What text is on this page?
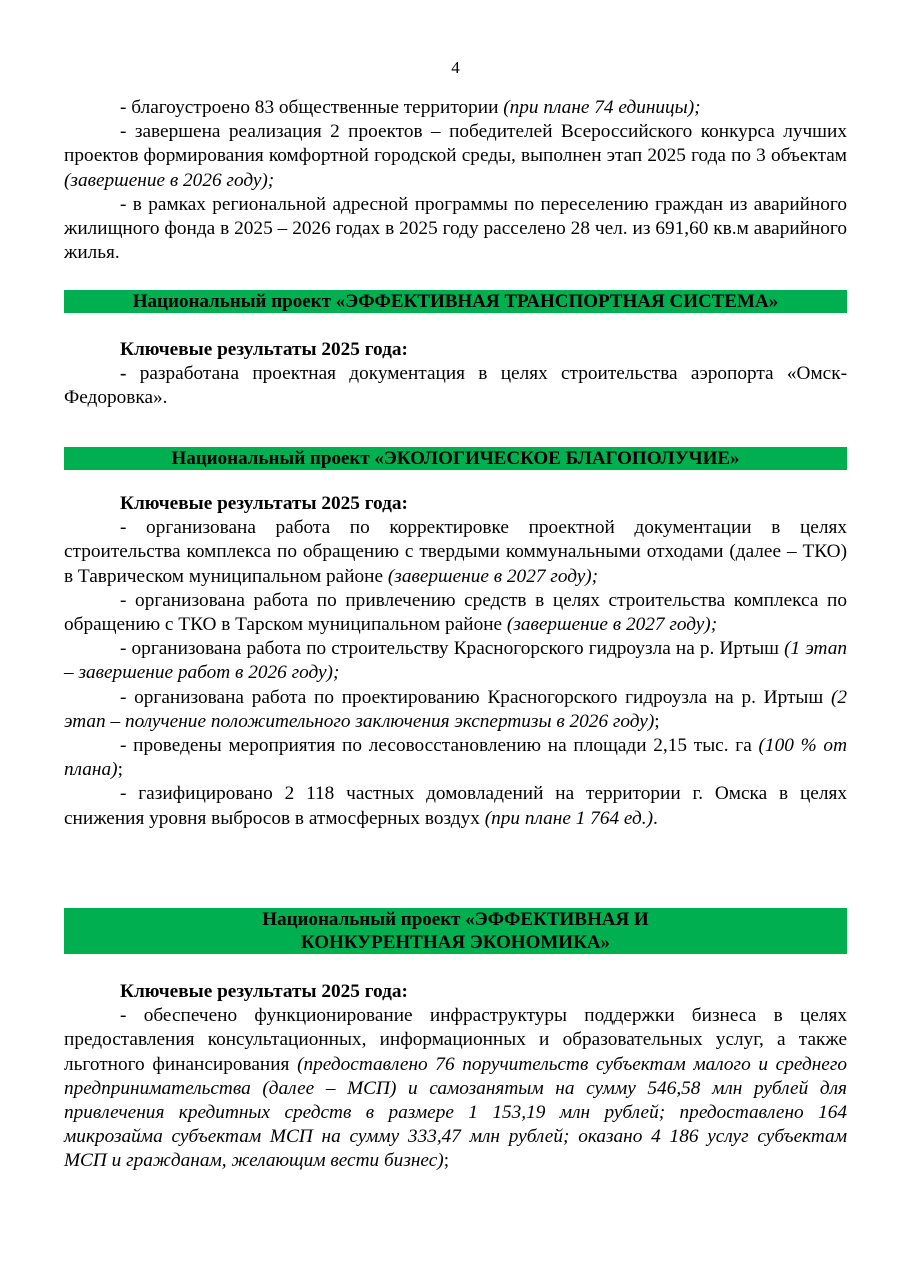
4

- благоустроено 83 общественные территории (при плане 74 единицы);

- завершена реализация 2 проектов – победителей Всероссийского конкурса лучших проектов формирования комфортной городской среды, выполнен этап 2025 года по 3 объектам (завершение в 2026 году);

- в рамках региональной адресной программы по переселению граждан из аварийного жилищного фонда в 2025 – 2026 годах в 2025 году расселено 28 чел. из 691,60 кв.м аварийного жилья.

Национальный проект «ЭФФЕКТИВНАЯ ТРАНСПОРТНАЯ СИСТЕМА»
Ключевые результаты 2025 года:

- разработана проектная документация в целях строительства аэропорта «Омск-Федоровка».

Национальный проект «ЭКОЛОГИЧЕСКОЕ БЛАГОПОЛУЧИЕ»
Ключевые результаты 2025 года:

- организована работа по корректировке проектной документации в целях строительства комплекса по обращению с твердыми коммунальными отходами (далее – ТКО) в Таврическом муниципальном районе (завершение в 2027 году);

- организована работа по привлечению средств в целях строительства комплекса по обращению с ТКО в Тарском муниципальном районе (завершение в 2027 году);

- организована работа по строительству Красногорского гидроузла на р. Иртыш (1 этап – завершение работ в 2026 году);

- организована работа по проектированию Красногорского гидроузла на р. Иртыш (2 этап – получение положительного заключения экспертизы в 2026 году);

- проведены мероприятия по лесовосстановлению на площади 2,15 тыс. га (100 % от плана);

- газифицировано 2 118 частных домовладений на территории г. Омска в целях снижения уровня выбросов в атмосферных воздух (при плане 1 764 ед.).

Национальный проект «ЭФФЕКТИВНАЯ И КОНКУРЕНТНАЯ ЭКОНОМИКА»
Ключевые результаты 2025 года:

- обеспечено функционирование инфраструктуры поддержки бизнеса в целях предоставления консультационных, информационных и образовательных услуг, а также льготного финансирования (предоставлено 76 поручительств субъектам малого и среднего предпринимательства (далее – МСП) и самозанятым на сумму 546,58 млн рублей для привлечения кредитных средств в размере 1 153,19 млн рублей; предоставлено 164 микрозайма субъектам МСП на сумму 333,47 млн рублей; оказано 4 186 услуг субъектам МСП и гражданам, желающим вести бизнес);
